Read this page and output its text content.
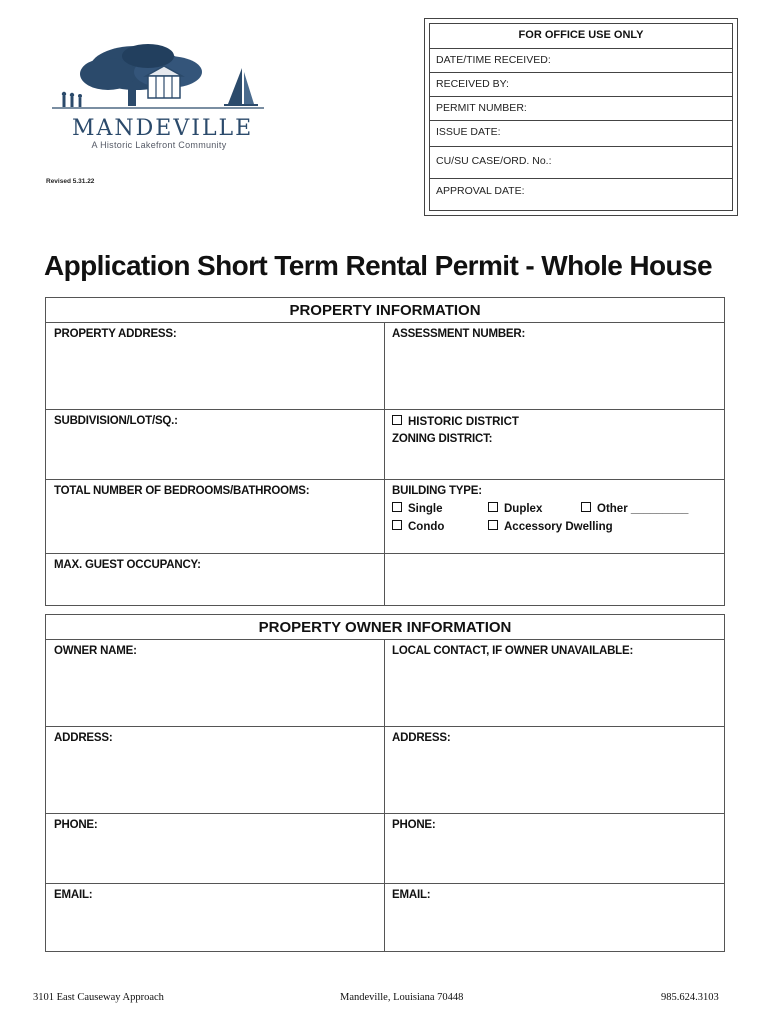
MANDEVILLE
A Historic Lakefront Community
Revised 5.31.22
FOR OFFICE USE ONLY
DATE/TIME RECEIVED:
RECEIVED BY:
PERMIT NUMBER:
ISSUE DATE:
CU/SU CASE/ORD. No.:
APPROVAL DATE:
Application Short Term Rental Permit - Whole House
PROPERTY INFORMATION
PROPERTY ADDRESS:	ASSESSMENT NUMBER:
SUBDIVISION/LOT/SQ.:	HISTORIC DISTRICT
ZONING DISTRICT:
TOTAL NUMBER OF BEDROOMS/BATHROOMS:	BUILDING TYPE:
Single	Duplex	Other _________
Condo	Accessory Dwelling
MAX. GUEST OCCUPANCY:
PROPERTY OWNER INFORMATION
OWNER NAME:	LOCAL CONTACT, IF OWNER UNAVAILABLE:
ADDRESS:	ADDRESS:
PHONE:	PHONE:
EMAIL:	EMAIL:
3101 East Causeway Approach	Mandeville, Louisiana 70448	985.624.3103
